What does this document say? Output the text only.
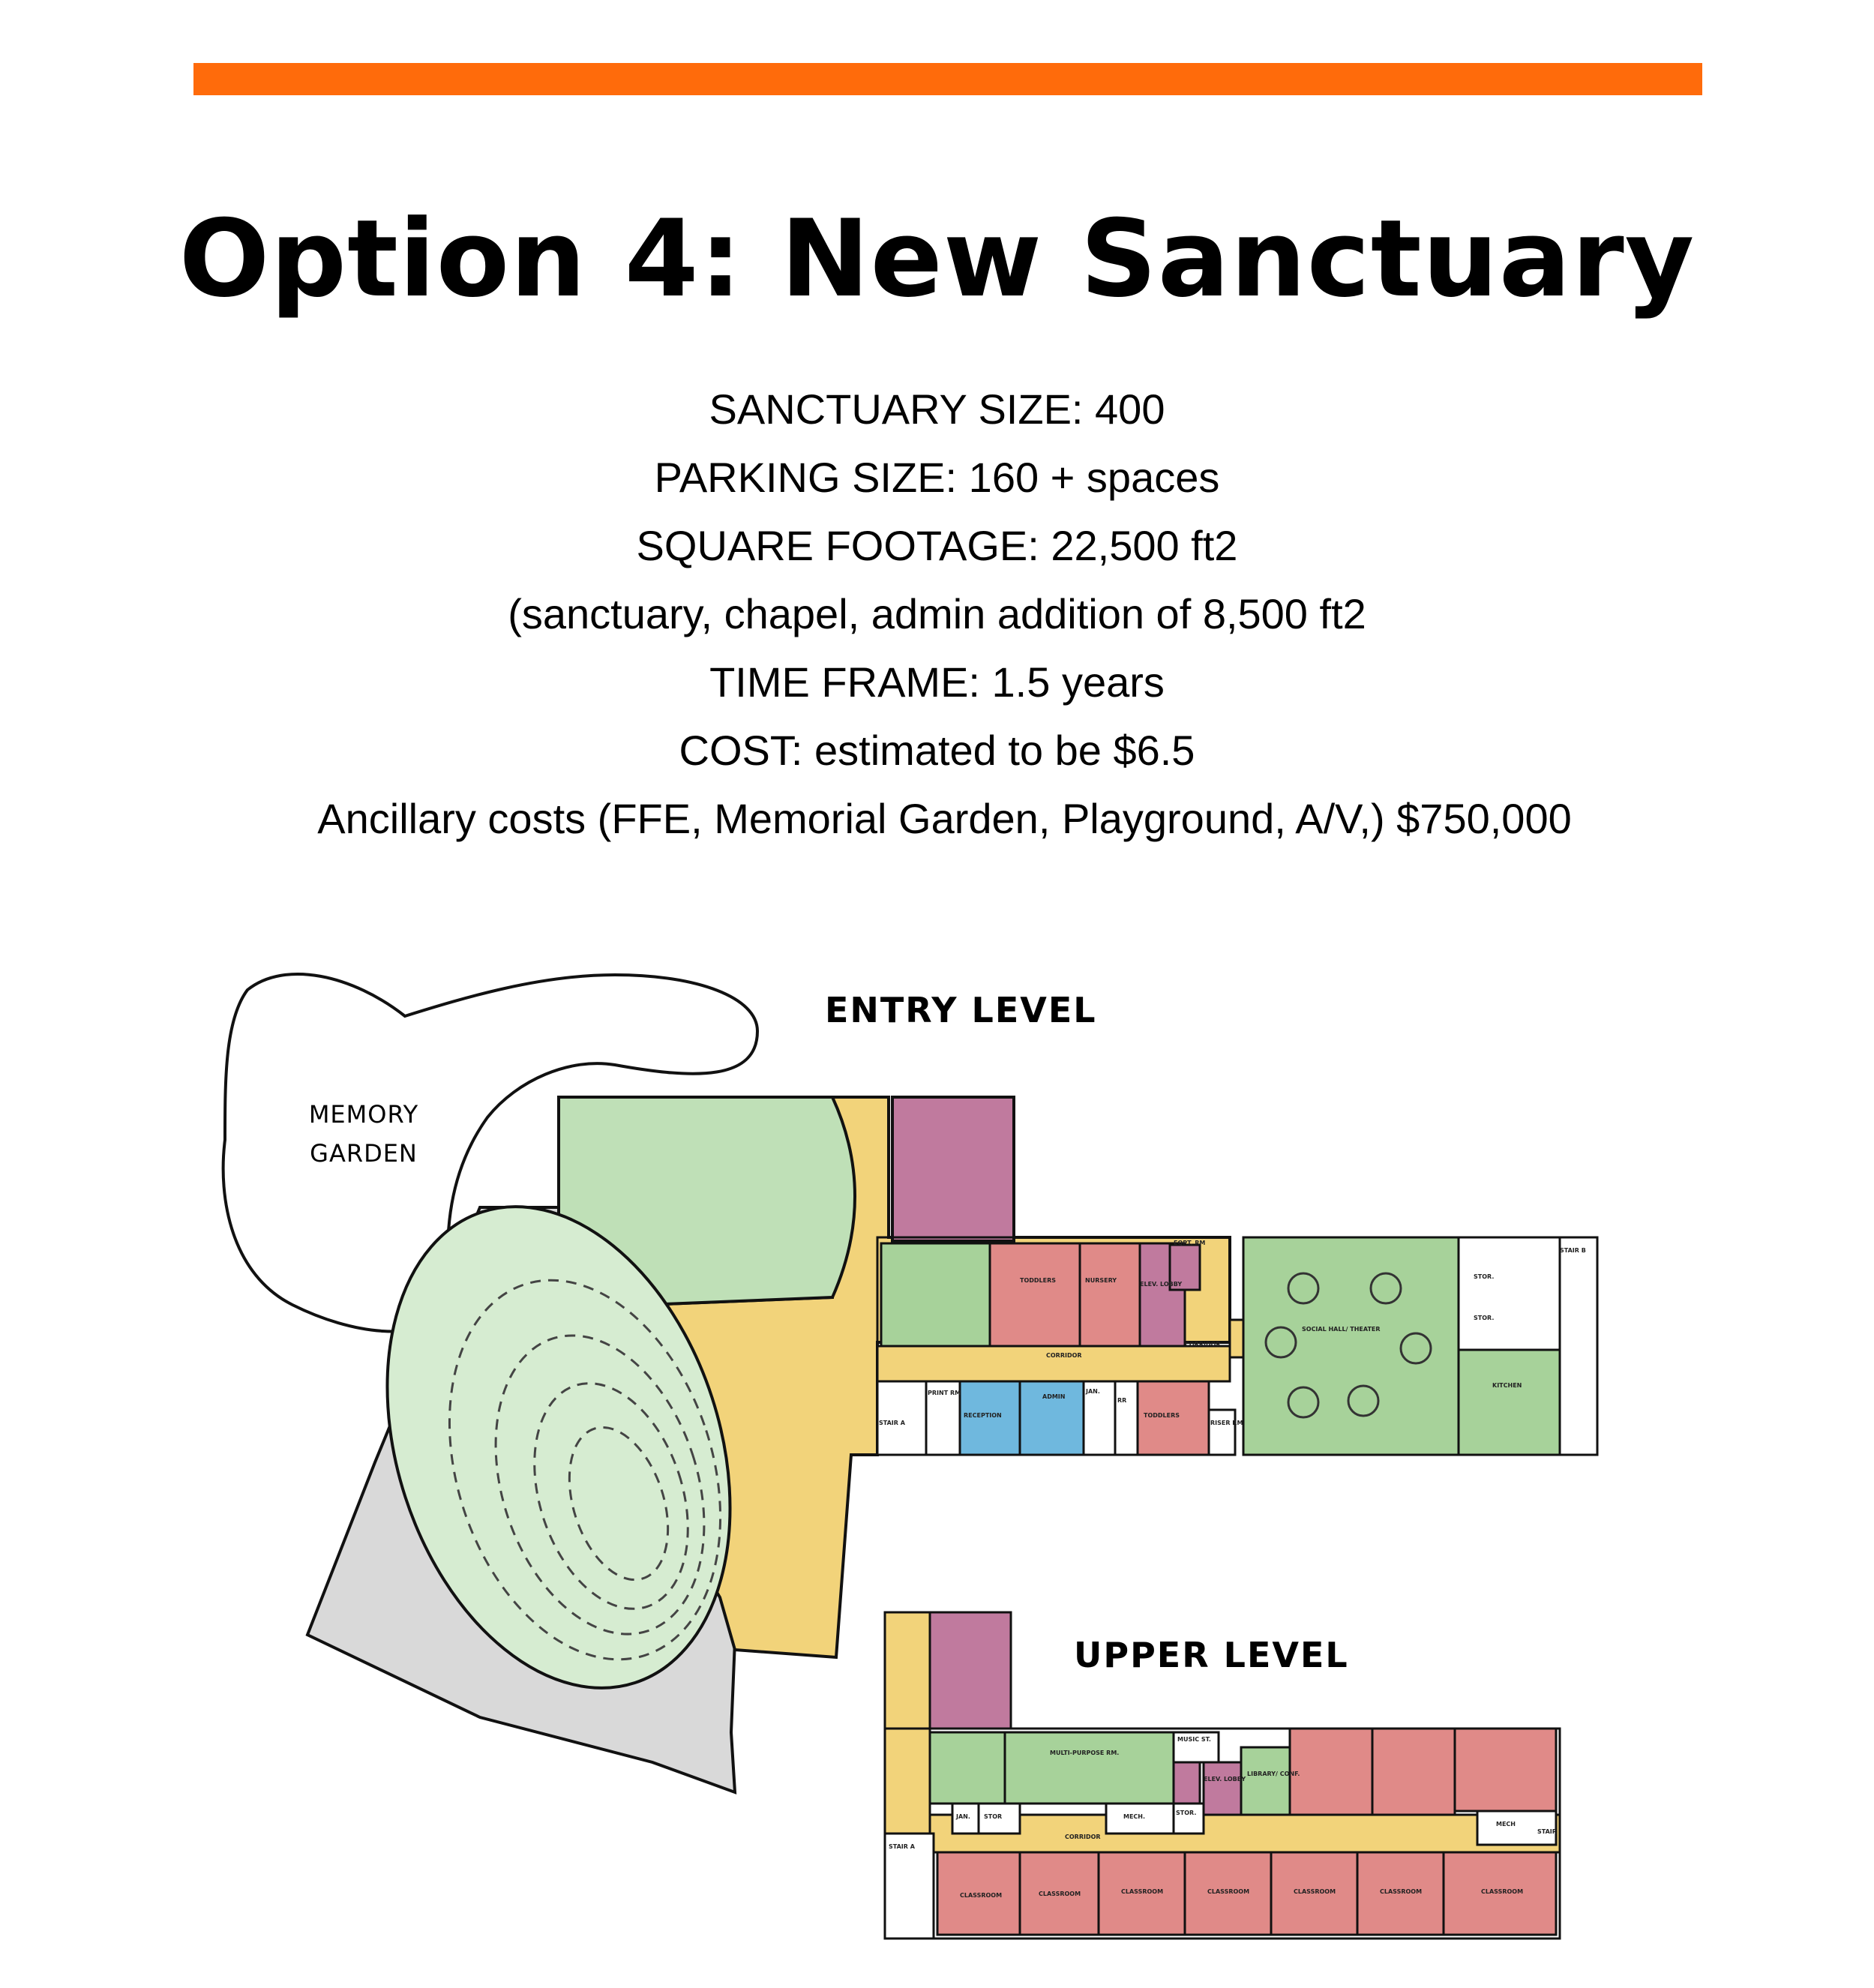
Option 4: New Sanctuary
SANCTUARY SIZE: 400
PARKING SIZE: 160 + spaces
SQUARE FOOTAGE: 22,500 ft2
(sanctuary, chapel, admin addition of 8,500 ft2
TIME FRAME: 1.5 years
COST: estimated to be $6.5
Ancillary costs (FFE, Memorial Garden, Playground, A/V,) $750,000
ENTRY LEVEL
UPPER LEVEL
MEMORY
GARDEN
TODDLERS	NURSERY
ELEV. LOBBY
EQPT. RM
CORRIDOR
CORRIDOR
SOCIAL HALL/ THEATER
STOR.
STOR.
STAIR B
KITCHEN
STAIR A
PRINT RM
RECEPTION
ADMIN
JAN.
RR
TODDLERS
RISER RM
MUSIC ST.
MULTI-PURPOSE RM.
ELEV. LOBBY
LIBRARY/ CONF.
JAN. STOR	MECH.
STOR.
MECH
CORRIDOR
STAIR A
STAIR
CLASSROOM	CLASSROOM	CLASSROOM	CLASSROOM	CLASSROOM	CLASSROOM	CLASSROOM
